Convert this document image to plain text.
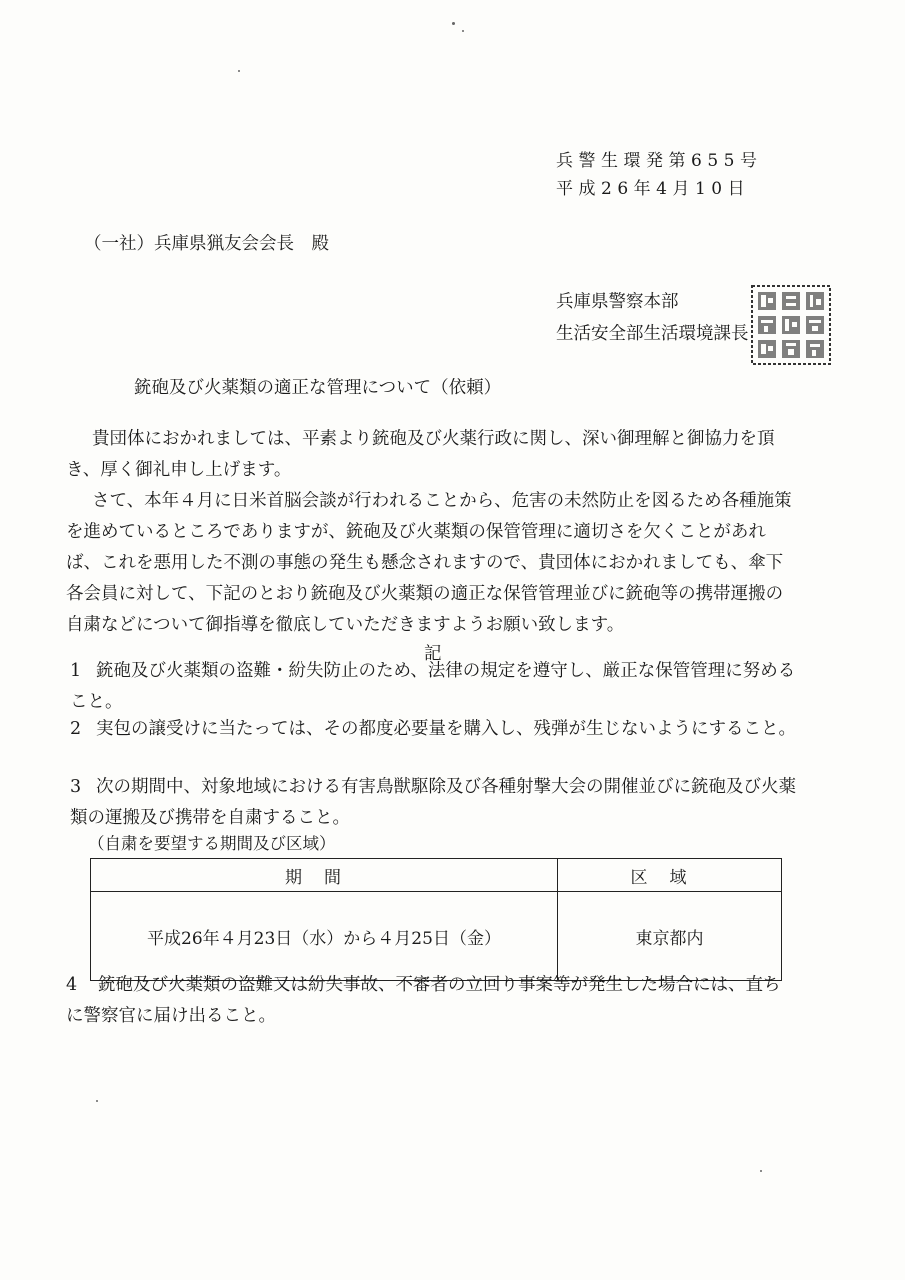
兵警生環発第655号
平成26年4月10日
（一社）兵庫県猟友会会長　殿
兵庫県警察本部
生活安全部生活環境課長
銃砲及び火薬類の適正な管理について（依頼）
貴団体におかれましては、平素より銃砲及び火薬行政に関し、深い御理解と御協力を頂き、厚く御礼申し上げます。
さて、本年４月に日米首脳会談が行われることから、危害の未然防止を図るため各種施策を進めているところでありますが、銃砲及び火薬類の保管管理に適切さを欠くことがあれば、これを悪用した不測の事態の発生も懸念されますので、貴団体におかれましても、傘下各会員に対して、下記のとおり銃砲及び火薬類の適正な保管管理並びに銃砲等の携帯運搬の自粛などについて御指導を徹底していただきますようお願い致します。
記
1 銃砲及び火薬類の盗難・紛失防止のため、法律の規定を遵守し、厳正な保管管理に努めること。
2 実包の譲受けに当たっては、その都度必要量を購入し、残弾が生じないようにすること。
3 次の期間中、対象地域における有害鳥獣駆除及び各種射撃大会の開催並びに銃砲及び火薬類の運搬及び携帯を自粛すること。
（自粛を要望する期間及び区域）
期間	区域
平成26年４月23日（水）から４月25日（金）	東京都内
4	銃砲及び火薬類の盗難又は紛失事故、不審者の立回り事案等が発生した場合には、直ちに警察官に届け出ること。
